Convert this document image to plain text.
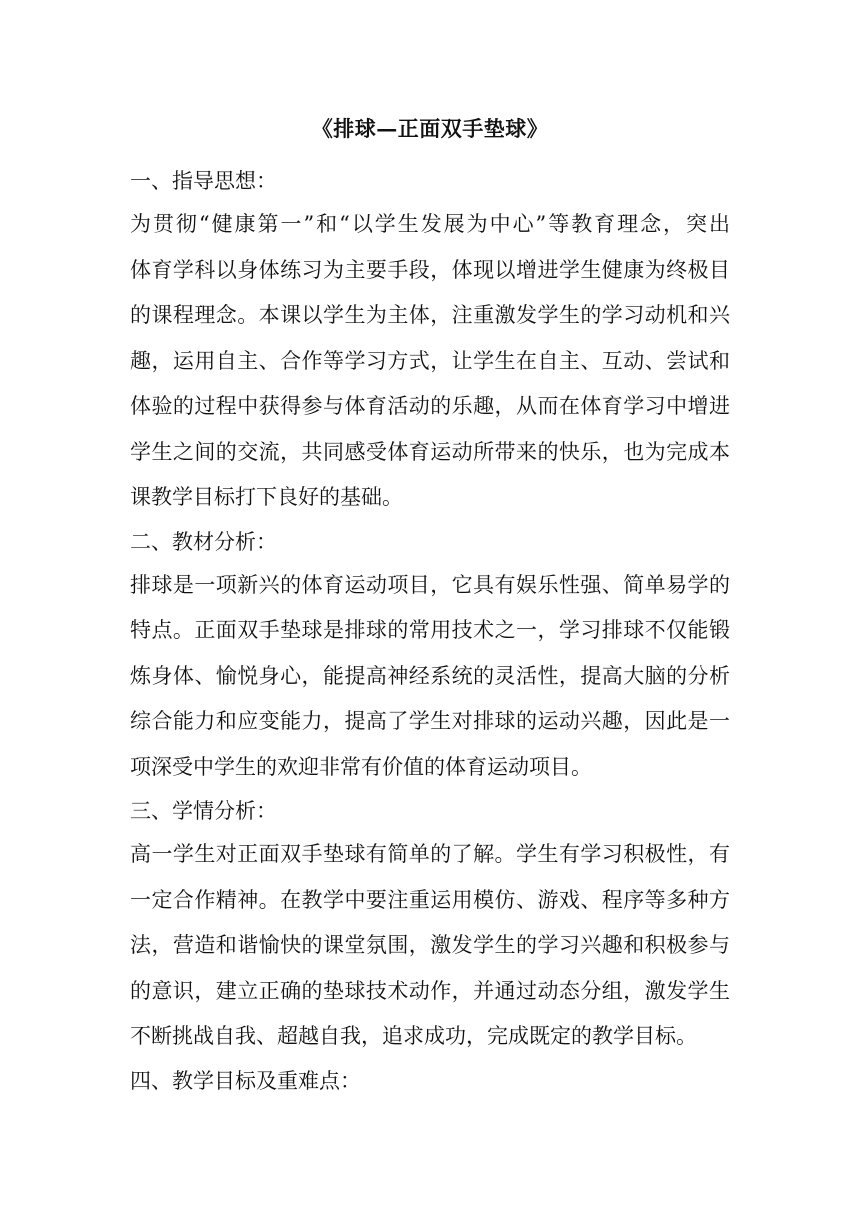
《排球—正面双手垫球》

一、指导思想：

为贯彻“健康第一”和“以学生发展为中心”等教育理念，突出

体育学科以身体练习为主要手段，体现以增进学生健康为终极目

的课程理念。本课以学生为主体，注重激发学生的学习动机和兴

趣，运用自主、合作等学习方式，让学生在自主、互动、尝试和

体验的过程中获得参与体育活动的乐趣，从而在体育学习中增进

学生之间的交流，共同感受体育运动所带来的快乐，也为完成本

课教学目标打下良好的基础。

二、教材分析：

排球是一项新兴的体育运动项目，它具有娱乐性强、简单易学的

特点。正面双手垫球是排球的常用技术之一，学习排球不仅能锻

炼身体、愉悦身心，能提高神经系统的灵活性，提高大脑的分析

综合能力和应变能力，提高了学生对排球的运动兴趣，因此是一

项深受中学生的欢迎非常有价值的体育运动项目。

三、学情分析：

高一学生对正面双手垫球有简单的了解。学生有学习积极性，有

一定合作精神。在教学中要注重运用模仿、游戏、程序等多种方

法，营造和谐愉快的课堂氛围，激发学生的学习兴趣和积极参与

的意识，建立正确的垫球技术动作，并通过动态分组，激发学生

不断挑战自我、超越自我，追求成功，完成既定的教学目标。

四、教学目标及重难点：
